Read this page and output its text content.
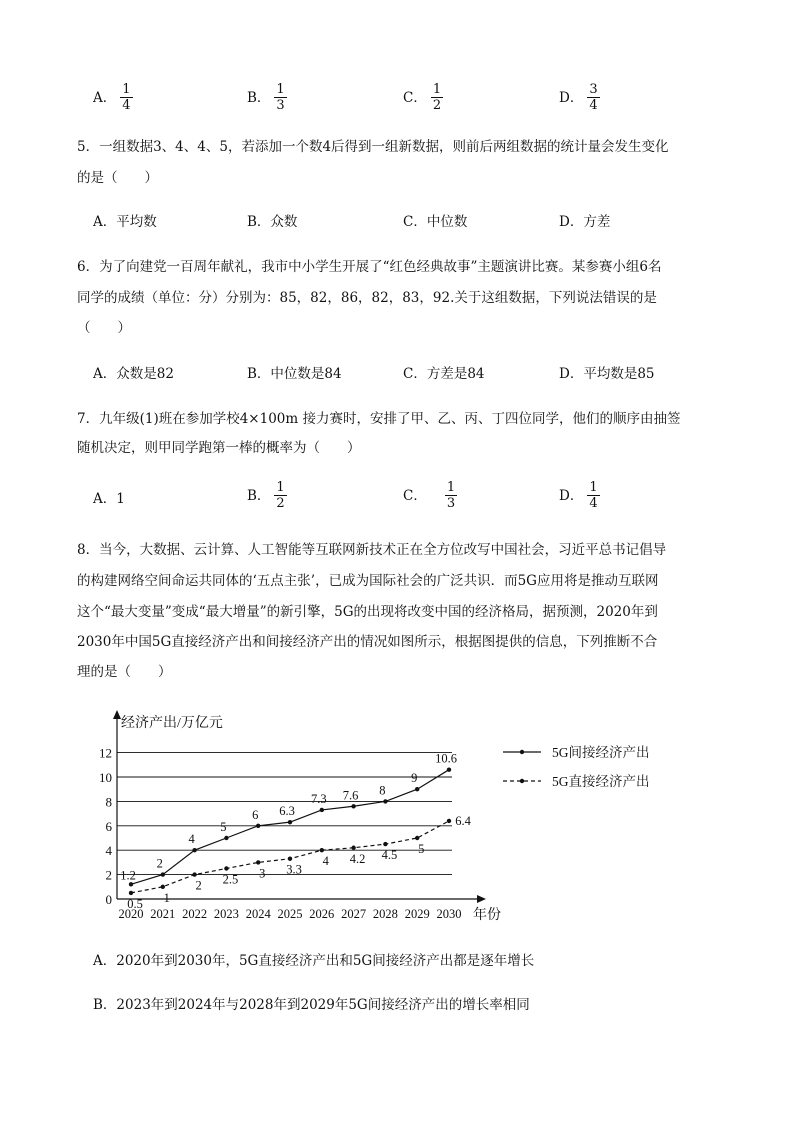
A． $\frac{1}{4}$	B． $\frac{1}{3}$	C． $\frac{1}{2}$	D． $\frac{3}{4}$
5．一组数据3、4、4、5，若添加一个数4后得到一组新数据，则前后两组数据的统计量会发生变化
的是（　　）
A．平均数	B．众数	C．中位数	D．方差
6．为了向建党一百周年献礼，我市中小学生开展了“红色经典故事”主题演讲比赛。某参赛小组6名
同学的成绩（单位：分）分别为：85，82，86，82，83，92.关于这组数据，下列说法错误的是
（　　）
A．众数是82	B．中位数是84	C．方差是84	D．平均数是85
7．九年级(1)班在参加学校4×100m 接力赛时，安排了甲、乙、丙、丁四位同学，他们的顺序由抽签
随机决定，则甲同学跑第一棒的概率为（　　）
A．1	B． $\frac{1}{2}$	C． $\frac{1}{3}$	D． $\frac{1}{4}$
8．当今，大数据、云计算、人工智能等互联网新技术正在全方位改写中国社会，习近平总书记倡导
的构建网络空间命运共同体的‘五点主张’，已成为国际社会的广泛共识．而5G应用将是推动互联网
这个“最大变量”变成“最大增量”的新引擎，5G的出现将改变中国的经济格局，据预测，2020年到
2030年中国5G直接经济产出和间接经济产出的情况如图所示，根据图提供的信息，下列推断不合
理的是（　　）
经济产出/万亿元
年份
0
2
4
6
8
10
12
2020 2021 2022 2023 2024 2025 2026 2027 2028 2029 2030
1.2
2
4
5
6 6.3
7.3 7.6 8
9
10.6
0.5 1
2 2.5 3 3.3
4 4.2 4.5 5
6.4
5G间接经济产出
5G直接经济产出
A．2020年到2030年，5G直接经济产出和5G间接经济产出都是逐年增长
B．2023年到2024年与2028年到2029年5G间接经济产出的增长率相同
